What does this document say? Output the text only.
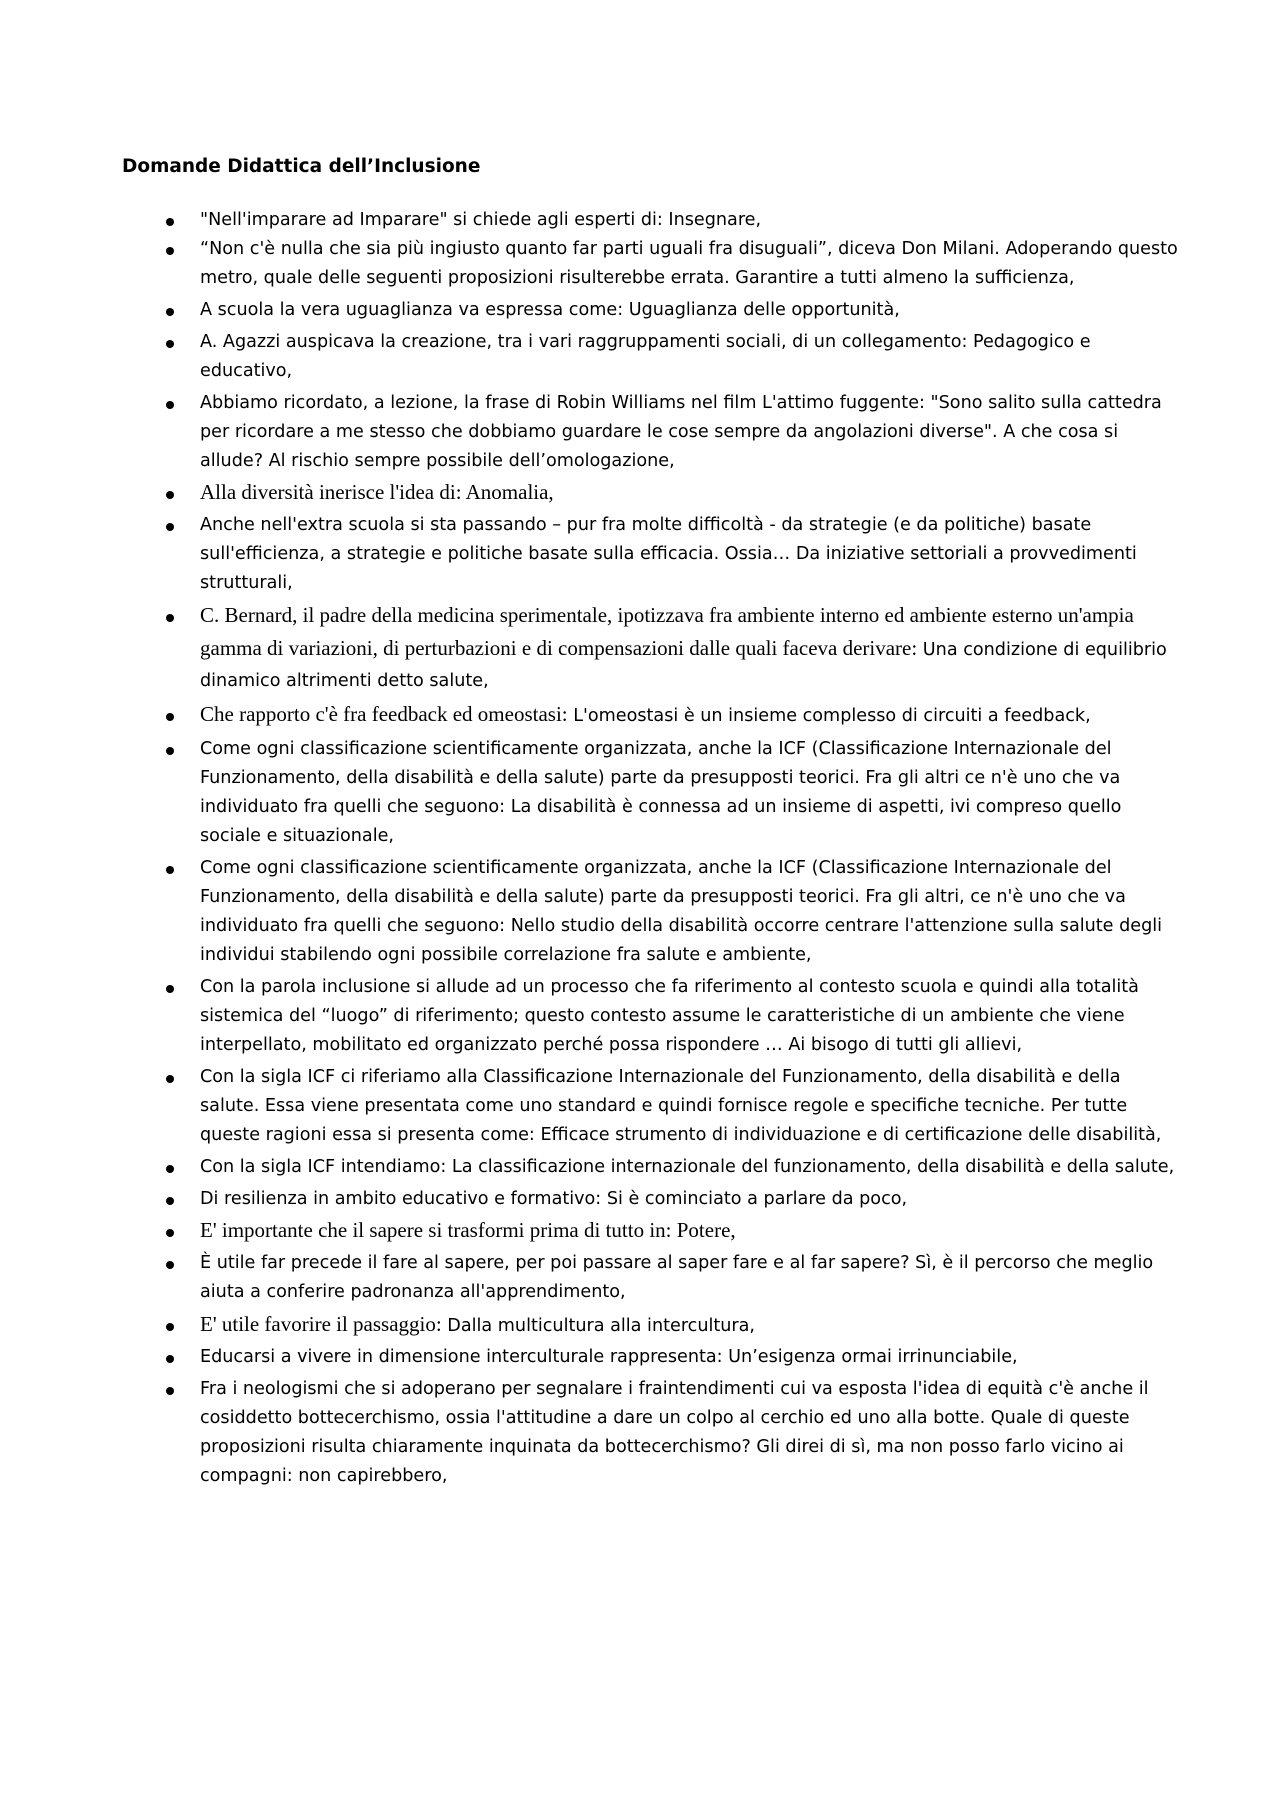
Domande Didattica dell’Inclusione
"Nell'imparare ad Imparare" si chiede agli esperti di: Insegnare,
“Non c'è nulla che sia più ingiusto quanto far parti uguali fra disuguali”, diceva Don Milani. Adoperando questo metro, quale delle seguenti proposizioni risulterebbe errata. Garantire a tutti almeno la sufficienza,
A scuola la vera uguaglianza va espressa come: Uguaglianza delle opportunità,
A. Agazzi auspicava la creazione, tra i vari raggruppamenti sociali, di un collegamento: Pedagogico e educativo,
Abbiamo ricordato, a lezione, la frase di Robin Williams nel film L'attimo fuggente: "Sono salito sulla cattedra per ricordare a me stesso che dobbiamo guardare le cose sempre da angolazioni diverse". A che cosa si allude? Al rischio sempre possibile dell’omologazione,
Alla diversità inerisce l'idea di: Anomalia,
Anche nell'extra scuola si sta passando – pur fra molte difficoltà - da strategie (e da politiche) basate sull'efficienza, a strategie e politiche basate sulla efficacia. Ossia… Da iniziative settoriali a provvedimenti strutturali,
C. Bernard, il padre della medicina sperimentale, ipotizzava fra ambiente interno ed ambiente esterno un'ampia gamma di variazioni, di perturbazioni e di compensazioni dalle quali faceva derivare: Una condizione di equilibrio dinamico altrimenti detto salute,
Che rapporto c'è fra feedback ed omeostasi: L'omeostasi è un insieme complesso di circuiti a feedback,
Come ogni classificazione scientificamente organizzata, anche la ICF (Classificazione Internazionale del Funzionamento, della disabilità e della salute) parte da presupposti teorici. Fra gli altri ce n'è uno che va individuato fra quelli che seguono: La disabilità è connessa ad un insieme di aspetti, ivi compreso quello sociale e situazionale,
Come ogni classificazione scientificamente organizzata, anche la ICF (Classificazione Internazionale del Funzionamento, della disabilità e della salute) parte da presupposti teorici. Fra gli altri, ce n'è uno che va individuato fra quelli che seguono: Nello studio della disabilità occorre centrare l'attenzione sulla salute degli individui stabilendo ogni possibile correlazione fra salute e ambiente,
Con la parola inclusione si allude ad un processo che fa riferimento al contesto scuola e quindi alla totalità sistemica del “luogo” di riferimento; questo contesto assume le caratteristiche di un ambiente che viene interpellato, mobilitato ed organizzato perché possa rispondere … Ai bisogo di tutti gli allievi,
Con la sigla ICF ci riferiamo alla Classificazione Internazionale del Funzionamento, della disabilità e della salute. Essa viene presentata come uno standard e quindi fornisce regole e specifiche tecniche. Per tutte queste ragioni essa si presenta come: Efficace strumento di individuazione e di certificazione delle disabilità,
Con la sigla ICF intendiamo: La classificazione internazionale del funzionamento, della disabilità e della salute,
Di resilienza in ambito educativo e formativo: Si è cominciato a parlare da poco,
E' importante che il sapere si trasformi prima di tutto in: Potere,
È utile far precede il fare al sapere, per poi passare al saper fare e al far sapere? Sì, è il percorso che meglio aiuta a conferire padronanza all'apprendimento,
E' utile favorire il passaggio: Dalla multicultura alla intercultura,
Educarsi a vivere in dimensione interculturale rappresenta: Un’esigenza ormai irrinunciabile,
Fra i neologismi che si adoperano per segnalare i fraintendimenti cui va esposta l'idea di equità c'è anche il cosiddetto bottecerchismo, ossia l'attitudine a dare un colpo al cerchio ed uno alla botte. Quale di queste proposizioni risulta chiaramente inquinata da bottecerchismo? Gli direi di sì, ma non posso farlo vicino ai compagni: non capirebbero,
